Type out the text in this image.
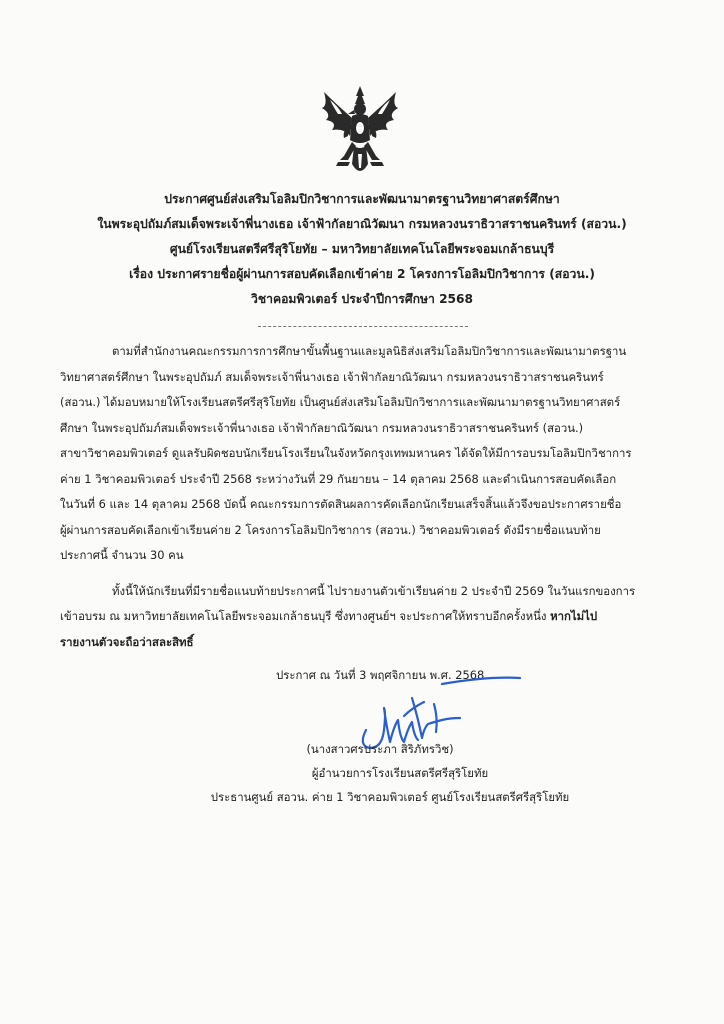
ประกาศศูนย์ส่งเสริมโอลิมปิกวิชาการและพัฒนามาตรฐานวิทยาศาสตร์ศึกษา
ในพระอุปถัมภ์สมเด็จพระเจ้าพี่นางเธอ เจ้าฟ้ากัลยาณิวัฒนา กรมหลวงนราธิวาสราชนครินทร์ (สอวน.)
ศูนย์โรงเรียนสตรีศรีสุริโยทัย – มหาวิทยาลัยเทคโนโลยีพระจอมเกล้าธนบุรี
เรื่อง ประกาศรายชื่อผู้ผ่านการสอบคัดเลือกเข้าค่าย 2 โครงการโอลิมปิกวิชาการ (สอวน.)
วิชาคอมพิวเตอร์ ประจำปีการศึกษา 2568
ตามที่สำนักงานคณะกรรมการการศึกษาขั้นพื้นฐานและมูลนิธิส่งเสริมโอลิมปิกวิชาการและพัฒนามาตรฐาน
วิทยาศาสตร์ศึกษา ในพระอุปถัมภ์ สมเด็จพระเจ้าพี่นางเธอ เจ้าฟ้ากัลยาณิวัฒนา กรมหลวงนราธิวาสราชนครินทร์
(สอวน.) ได้มอบหมายให้โรงเรียนสตรีศรีสุริโยทัย เป็นศูนย์ส่งเสริมโอลิมปิกวิชาการและพัฒนามาตรฐานวิทยาศาสตร์
ศึกษา ในพระอุปถัมภ์สมเด็จพระเจ้าพี่นางเธอ เจ้าฟ้ากัลยาณิวัฒนา กรมหลวงนราธิวาสราชนครินทร์ (สอวน.)
สาขาวิชาคอมพิวเตอร์ ดูแลรับผิดชอบนักเรียนโรงเรียนในจังหวัดกรุงเทพมหานคร ได้จัดให้มีการอบรมโอลิมปิกวิชาการ
ค่าย 1 วิชาคอมพิวเตอร์ ประจำปี 2568 ระหว่างวันที่ 29 กันยายน – 14 ตุลาคม 2568 และดำเนินการสอบคัดเลือก
ในวันที่ 6 และ 14 ตุลาคม 2568 บัดนี้ คณะกรรมการตัดสินผลการคัดเลือกนักเรียนเสร็จสิ้นแล้วจึงขอประกาศรายชื่อ
ผู้ผ่านการสอบคัดเลือกเข้าเรียนค่าย 2 โครงการโอลิมปิกวิชาการ (สอวน.) วิชาคอมพิวเตอร์ ดังมีรายชื่อแนบท้าย
ประกาศนี้ จำนวน 30 คน
ทั้งนี้ให้นักเรียนที่มีรายชื่อแนบท้ายประกาศนี้ ไปรายงานตัวเข้าเรียนค่าย 2 ประจำปี 2569 ในวันแรกของการ
เข้าอบรม ณ มหาวิทยาลัยเทคโนโลยีพระจอมเกล้าธนบุรี ซึ่งทางศูนย์ฯ จะประกาศให้ทราบอีกครั้งหนึ่ง หากไม่ไป
รายงานตัวจะถือว่าสละสิทธิ์
ประกาศ ณ วันที่ 3 พฤศจิกายน พ.ศ. 2568
(นางสาวศรประภา สิริภัทรวิช)
ผู้อำนวยการโรงเรียนสตรีศรีสุริโยทัย
ประธานศูนย์ สอวน. ค่าย 1 วิชาคอมพิวเตอร์ ศูนย์โรงเรียนสตรีศรีสุริโยทัย
